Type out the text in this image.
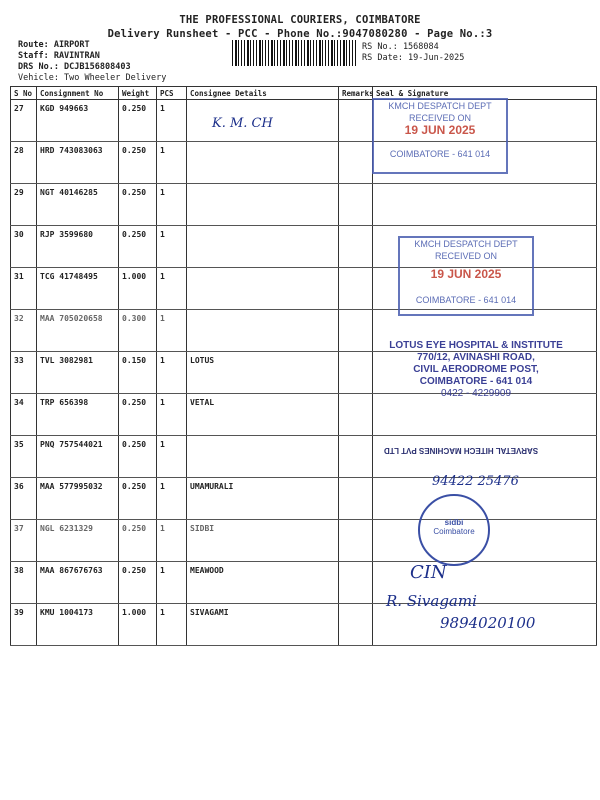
THE PROFESSIONAL COURIERS, COIMBATORE
Delivery Runsheet - PCC - Phone No.:9047080280 - Page No.:3
Route: AIRPORT
Staff: RAVINTRAN
DRS No.: DCJB156808403
Vehicle: Two Wheeler Delivery
RS No.: 1568084
RS Date: 19-Jun-2025
S No	Consignment No	Weight	PCS	Consignee Details	Remarks	Seal & Signature
27	KGD 949663	0.250	1			
28	HRD 743083063	0.250	1			
29	NGT 40146285	0.250	1			
30	RJP 3599680	0.250	1			
31	TCG 41748495	1.000	1			
32	MAA 705020658	0.300	1			
33	TVL 3082981	0.150	1	LOTUS		
34	TRP 656398	0.250	1	VETAL		
35	PNQ 757544021	0.250	1			
36	MAA 577995032	0.250	1	UMAMURALI		
37	NGL 6231329	0.250	1	SIDBI		
38	MAA 867676763	0.250	1	MEAWOOD		
39	KMU 1004173	1.000	1	SIVAGAMI		
K. M. CH
KMCH DESPATCH DEPT
RECEIVED ON
19 JUN 2025
COIMBATORE - 641 014
KMCH DESPATCH DEPT
RECEIVED ON
19 JUN 2025
COIMBATORE - 641 014
LOTUS EYE HOSPITAL & INSTITUTE
770/12, AVINASHI ROAD,
CIVIL AERODROME POST,
COIMBATORE - 641 014
0422 - 4229909
SARVETAL HITECH MACHINES PVT LTD
94422 25476
sidbi
Coimbatore
CIN
R. Sivagami
9894020100
